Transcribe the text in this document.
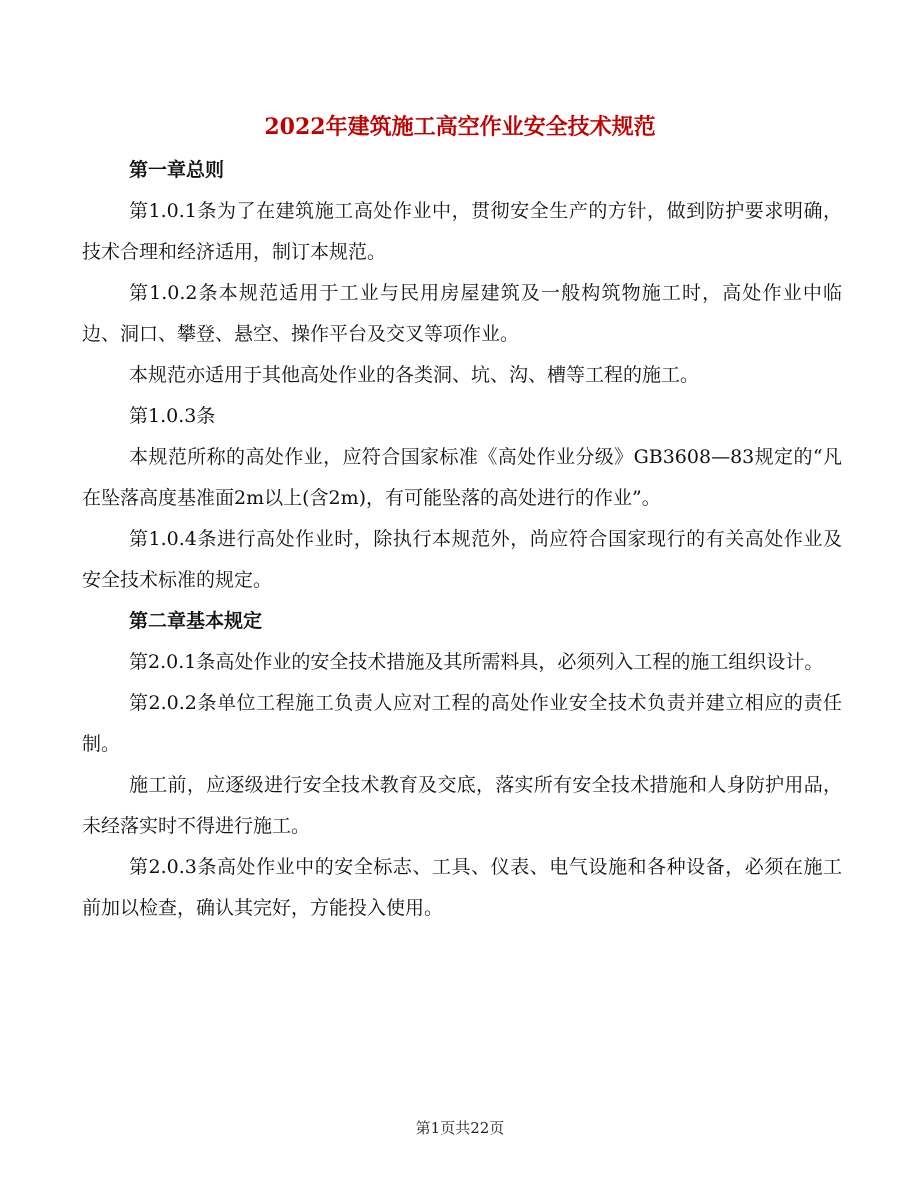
2022年建筑施工高空作业安全技术规范

第一章总则

第1.0.1条为了在建筑施工高处作业中，贯彻安全生产的方针，做到防护要求明确，技术合理和经济适用，制订本规范。

第1.0.2条本规范适用于工业与民用房屋建筑及一般构筑物施工时，高处作业中临边、洞口、攀登、悬空、操作平台及交叉等项作业。

本规范亦适用于其他高处作业的各类洞、坑、沟、槽等工程的施工。

第1.0.3条

本规范所称的高处作业，应符合国家标准《高处作业分级》GB3608—83规定的“凡在坠落高度基准面2m以上(含2m)，有可能坠落的高处进行的作业”。

第1.0.4条进行高处作业时，除执行本规范外，尚应符合国家现行的有关高处作业及安全技术标准的规定。

第二章基本规定

第2.0.1条高处作业的安全技术措施及其所需料具，必须列入工程的施工组织设计。

第2.0.2条单位工程施工负责人应对工程的高处作业安全技术负责并建立相应的责任制。

施工前，应逐级进行安全技术教育及交底，落实所有安全技术措施和人身防护用品，未经落实时不得进行施工。

第2.0.3条高处作业中的安全标志、工具、仪表、电气设施和各种设备，必须在施工前加以检查，确认其完好，方能投入使用。

第1页共22页
